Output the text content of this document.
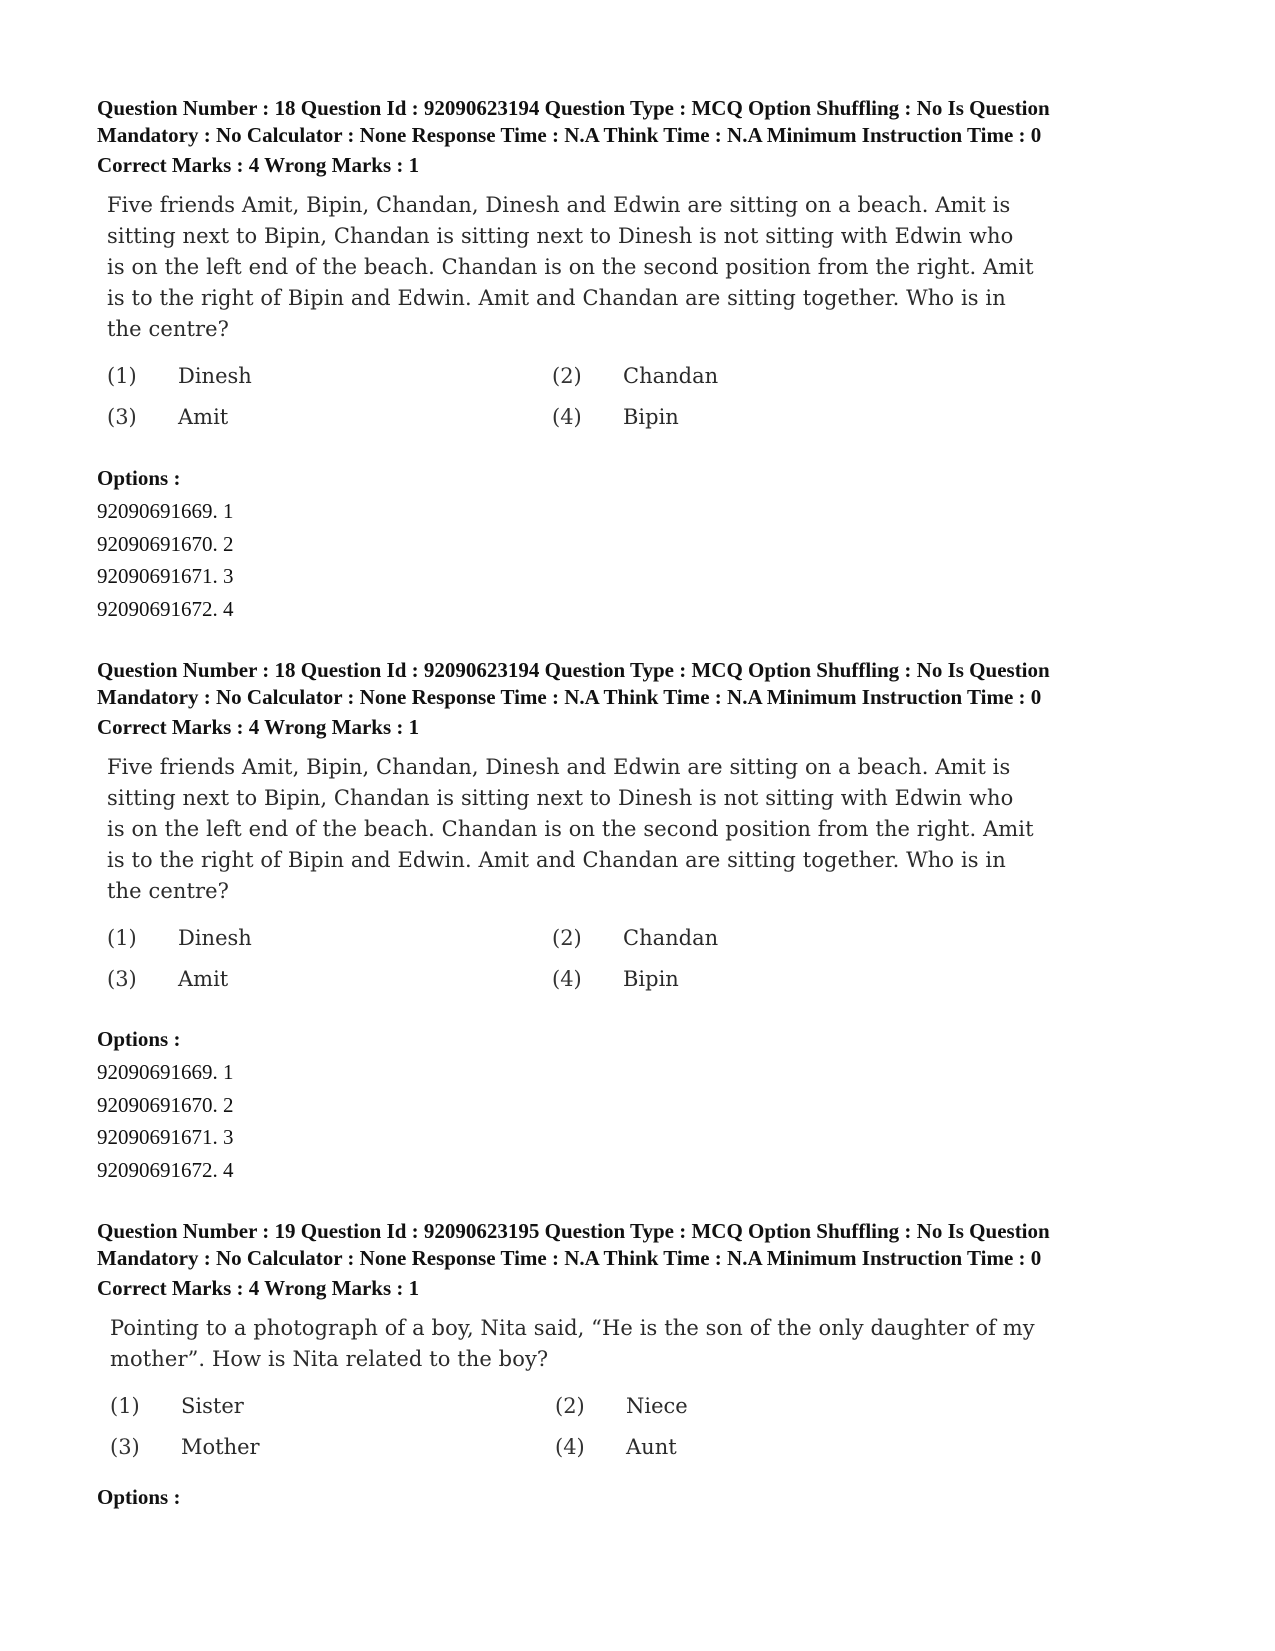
Question Number : 18 Question Id : 92090623194 Question Type : MCQ Option Shuffling : No Is Question

Mandatory : No Calculator : None Response Time : N.A Think Time : N.A Minimum Instruction Time : 0

Correct Marks : 4 Wrong Marks : 1

Five friends Amit, Bipin, Chandan, Dinesh and Edwin are sitting on a beach. Amit is

sitting next to Bipin, Chandan is sitting next to Dinesh is not sitting with Edwin who

is on the left end of the beach. Chandan is on the second position from the right. Amit

is to the right of Bipin and Edwin. Amit and Chandan are sitting together. Who is in

the centre?

(1)	Dinesh	(2)	Chandan
(3)	Amit	(4)	Bipin

Options :

92090691669. 1
92090691670. 2
92090691671. 3
92090691672. 4

Question Number : 18 Question Id : 92090623194 Question Type : MCQ Option Shuffling : No Is Question

Mandatory : No Calculator : None Response Time : N.A Think Time : N.A Minimum Instruction Time : 0

Correct Marks : 4 Wrong Marks : 1

Five friends Amit, Bipin, Chandan, Dinesh and Edwin are sitting on a beach. Amit is

sitting next to Bipin, Chandan is sitting next to Dinesh is not sitting with Edwin who

is on the left end of the beach. Chandan is on the second position from the right. Amit

is to the right of Bipin and Edwin. Amit and Chandan are sitting together. Who is in

the centre?

(1)	Dinesh	(2)	Chandan
(3)	Amit	(4)	Bipin

Options :

92090691669. 1
92090691670. 2
92090691671. 3
92090691672. 4

Question Number : 19 Question Id : 92090623195 Question Type : MCQ Option Shuffling : No Is Question

Mandatory : No Calculator : None Response Time : N.A Think Time : N.A Minimum Instruction Time : 0

Correct Marks : 4 Wrong Marks : 1

Pointing to a photograph of a boy, Nita said, “He is the son of the only daughter of my

mother”. How is Nita related to the boy?

(1)	Sister	(2)	Niece
(3)	Mother	(4)	Aunt

Options :
